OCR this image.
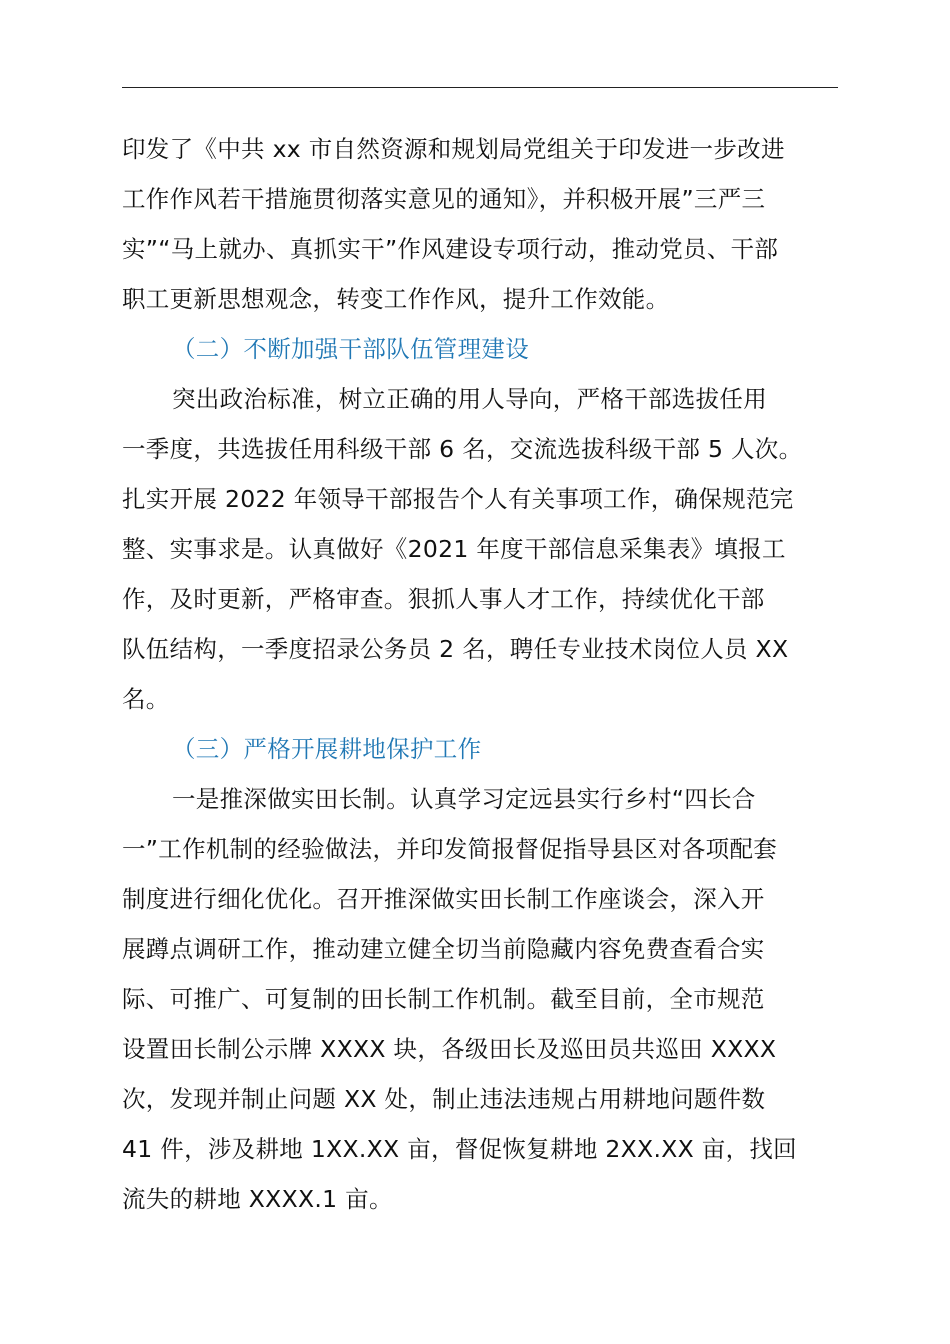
印发了《中共 xx 市自然资源和规划局党组关于印发进一步改进
工作作风若干措施贯彻落实意见的通知》，并积极开展”三严三
实”“马上就办、真抓实干”作风建设专项行动，推动党员、干部
职工更新思想观念，转变工作作风，提升工作效能。
（二）不断加强干部队伍管理建设
突出政治标准，树立正确的用人导向，严格干部选拔任用
一季度，共选拔任用科级干部 6 名，交流选拔科级干部 5 人次。
扎实开展 2022 年领导干部报告个人有关事项工作，确保规范完
整、实事求是。认真做好《2021 年度干部信息采集表》填报工
作，及时更新，严格审查。狠抓人事人才工作，持续优化干部
队伍结构，一季度招录公务员 2 名，聘任专业技术岗位人员 XX
名。
（三）严格开展耕地保护工作
一是推深做实田长制。认真学习定远县实行乡村“四长合
一”工作机制的经验做法，并印发简报督促指导县区对各项配套
制度进行细化优化。召开推深做实田长制工作座谈会，深入开
展蹲点调研工作，推动建立健全切当前隐藏内容免费查看合实
际、可推广、可复制的田长制工作机制。截至目前，全市规范
设置田长制公示牌 XXXX 块，各级田长及巡田员共巡田 XXXX
次，发现并制止问题 XX 处，制止违法违规占用耕地问题件数
41 件，涉及耕地 1XX.XX 亩，督促恢复耕地 2XX.XX 亩，找回
流失的耕地 XXXX.1 亩。
